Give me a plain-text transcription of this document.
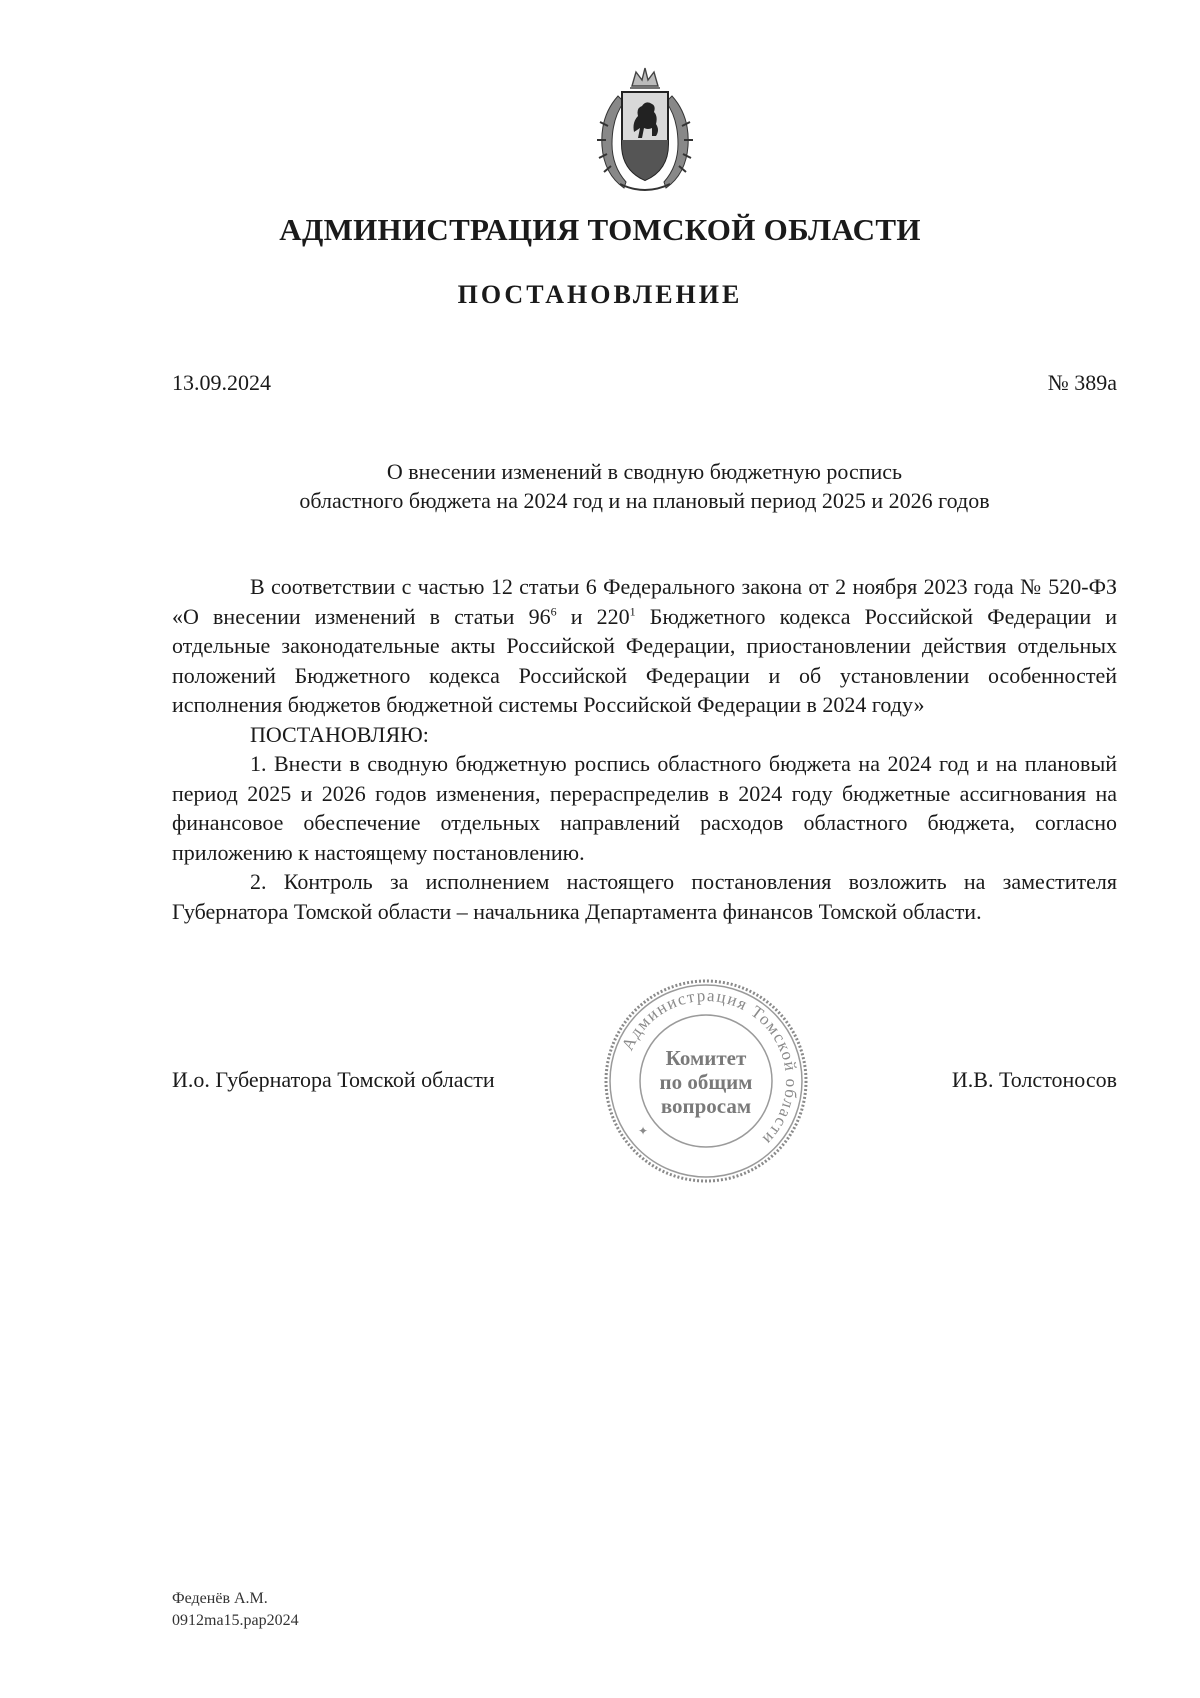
АДМИНИСТРАЦИЯ ТОМСКОЙ ОБЛАСТИ
ПОСТАНОВЛЕНИЕ
13.09.2024	№ 389а
О внесении изменений в сводную бюджетную роспись
областного бюджета на 2024 год и на плановый период 2025 и 2026 годов

В соответствии с частью 12 статьи 6 Федерального закона от 2 ноября 2023 года № 520-ФЗ «О внесении изменений в статьи $96^6$ и $220^1$ Бюджетного кодекса Российской Федерации и отдельные законодательные акты Российской Федерации, приостановлении действия отдельных положений Бюджетного кодекса Российской Федерации и об установлении особенностей исполнения бюджетов бюджетной системы Российской Федерации в 2024 году»

ПОСТАНОВЛЯЮ:

1. Внести в сводную бюджетную роспись областного бюджета на 2024 год и на плановый период 2025 и 2026 годов изменения, перераспределив в 2024 году бюджетные ассигнования на финансовое обеспечение отдельных направлений расходов областного бюджета, согласно приложению к настоящему постановлению.

2. Контроль за исполнением настоящего постановления возложить на заместителя Губернатора Томской области – начальника Департамента финансов Томской области.

И.о. Губернатора Томской области	И.В. Толстоносов
Администрация Томской области
Комитет
по общим
вопросам
✦
Феденёв А.М.
0912ma15.pap2024
